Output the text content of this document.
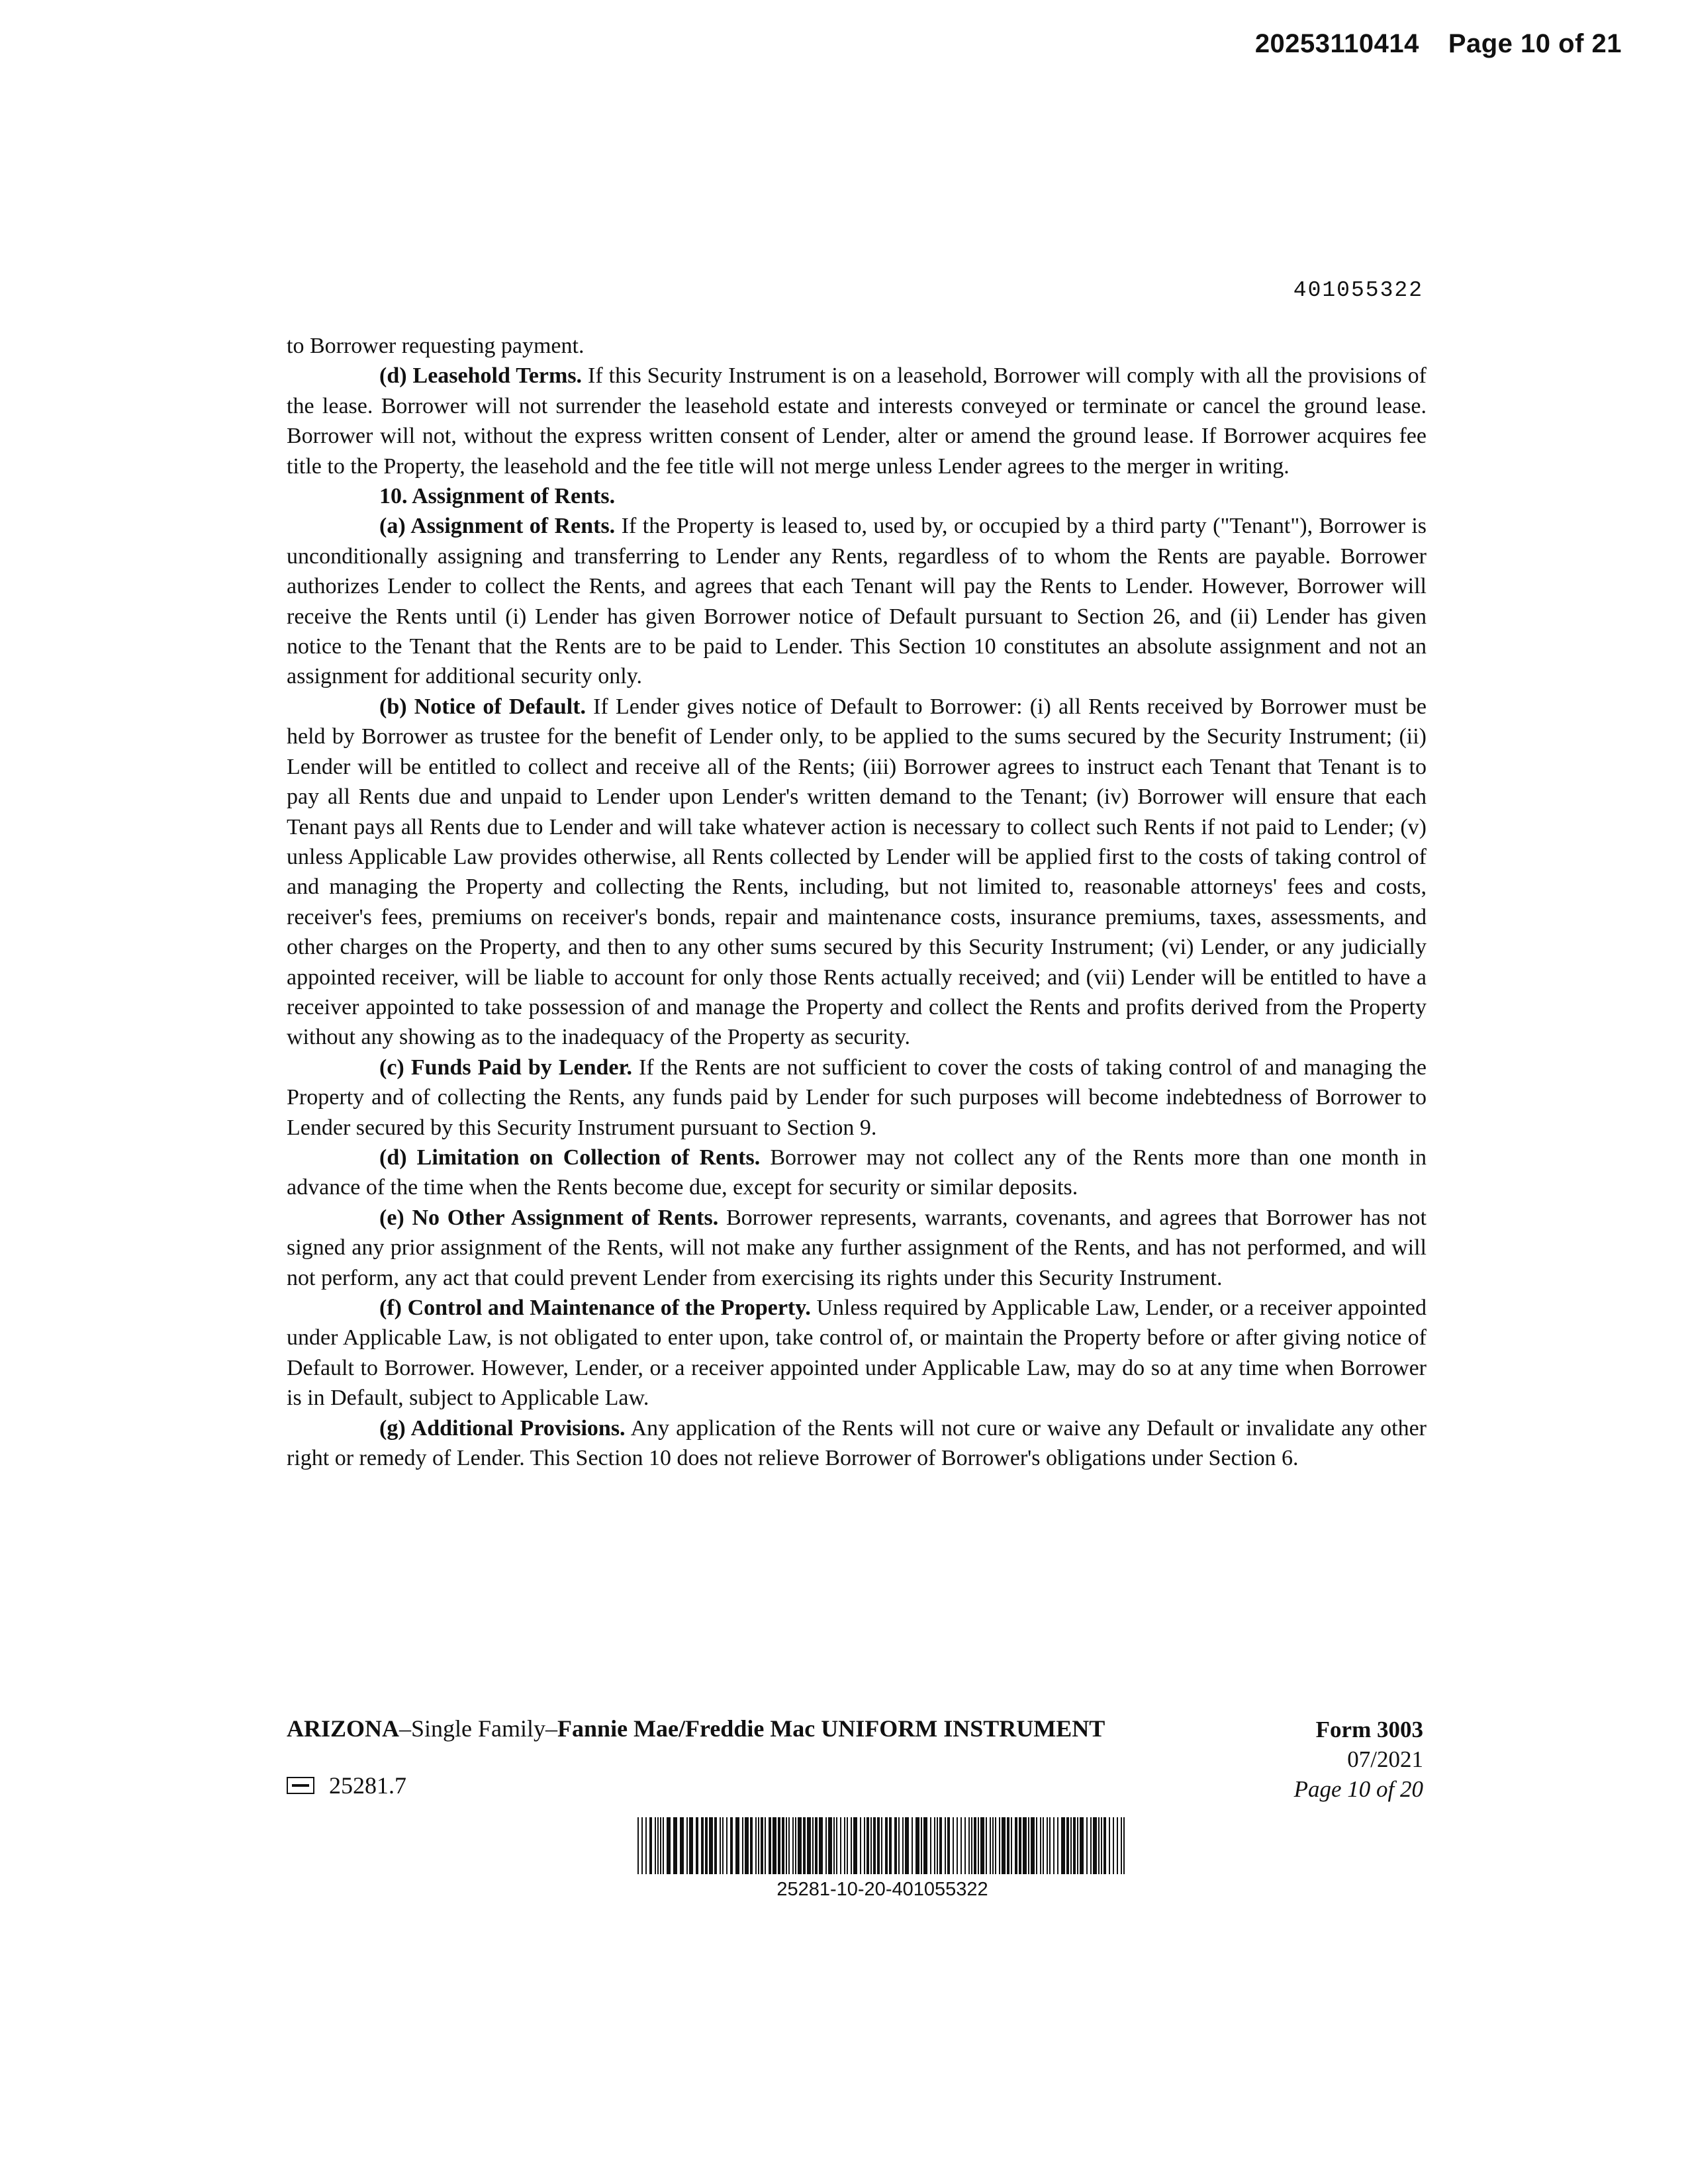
20253110414 Page 10 of 21
401055322

to Borrower requesting payment.

(d) Leasehold Terms. If this Security Instrument is on a leasehold, Borrower will comply with all the provisions of the lease. Borrower will not surrender the leasehold estate and interests conveyed or terminate or cancel the ground lease. Borrower will not, without the express written consent of Lender, alter or amend the ground lease. If Borrower acquires fee title to the Property, the leasehold and the fee title will not merge unless Lender agrees to the merger in writing.

10. Assignment of Rents.

(a) Assignment of Rents. If the Property is leased to, used by, or occupied by a third party ("Tenant"), Borrower is unconditionally assigning and transferring to Lender any Rents, regardless of to whom the Rents are payable. Borrower authorizes Lender to collect the Rents, and agrees that each Tenant will pay the Rents to Lender. However, Borrower will receive the Rents until (i) Lender has given Borrower notice of Default pursuant to Section 26, and (ii) Lender has given notice to the Tenant that the Rents are to be paid to Lender. This Section 10 constitutes an absolute assignment and not an assignment for additional security only.

(b) Notice of Default. If Lender gives notice of Default to Borrower: (i) all Rents received by Borrower must be held by Borrower as trustee for the benefit of Lender only, to be applied to the sums secured by the Security Instrument; (ii) Lender will be entitled to collect and receive all of the Rents; (iii) Borrower agrees to instruct each Tenant that Tenant is to pay all Rents due and unpaid to Lender upon Lender's written demand to the Tenant; (iv) Borrower will ensure that each Tenant pays all Rents due to Lender and will take whatever action is necessary to collect such Rents if not paid to Lender; (v) unless Applicable Law provides otherwise, all Rents collected by Lender will be applied first to the costs of taking control of and managing the Property and collecting the Rents, including, but not limited to, reasonable attorneys' fees and costs, receiver's fees, premiums on receiver's bonds, repair and maintenance costs, insurance premiums, taxes, assessments, and other charges on the Property, and then to any other sums secured by this Security Instrument; (vi) Lender, or any judicially appointed receiver, will be liable to account for only those Rents actually received; and (vii) Lender will be entitled to have a receiver appointed to take possession of and manage the Property and collect the Rents and profits derived from the Property without any showing as to the inadequacy of the Property as security.

(c) Funds Paid by Lender. If the Rents are not sufficient to cover the costs of taking control of and managing the Property and of collecting the Rents, any funds paid by Lender for such purposes will become indebtedness of Borrower to Lender secured by this Security Instrument pursuant to Section 9.

(d) Limitation on Collection of Rents. Borrower may not collect any of the Rents more than one month in advance of the time when the Rents become due, except for security or similar deposits.

(e) No Other Assignment of Rents. Borrower represents, warrants, covenants, and agrees that Borrower has not signed any prior assignment of the Rents, will not make any further assignment of the Rents, and has not performed, and will not perform, any act that could prevent Lender from exercising its rights under this Security Instrument.

(f) Control and Maintenance of the Property. Unless required by Applicable Law, Lender, or a receiver appointed under Applicable Law, is not obligated to enter upon, take control of, or maintain the Property before or after giving notice of Default to Borrower. However, Lender, or a receiver appointed under Applicable Law, may do so at any time when Borrower is in Default, subject to Applicable Law.

(g) Additional Provisions. Any application of the Rents will not cure or waive any Default or invalidate any other right or remedy of Lender. This Section 10 does not relieve Borrower of Borrower's obligations under Section 6.

ARIZONA–Single Family–Fannie Mae/Freddie Mac UNIFORM INSTRUMENT	Form 3003
07/2021
Page 10 of 20
25281.7
25281-10-20-401055322
